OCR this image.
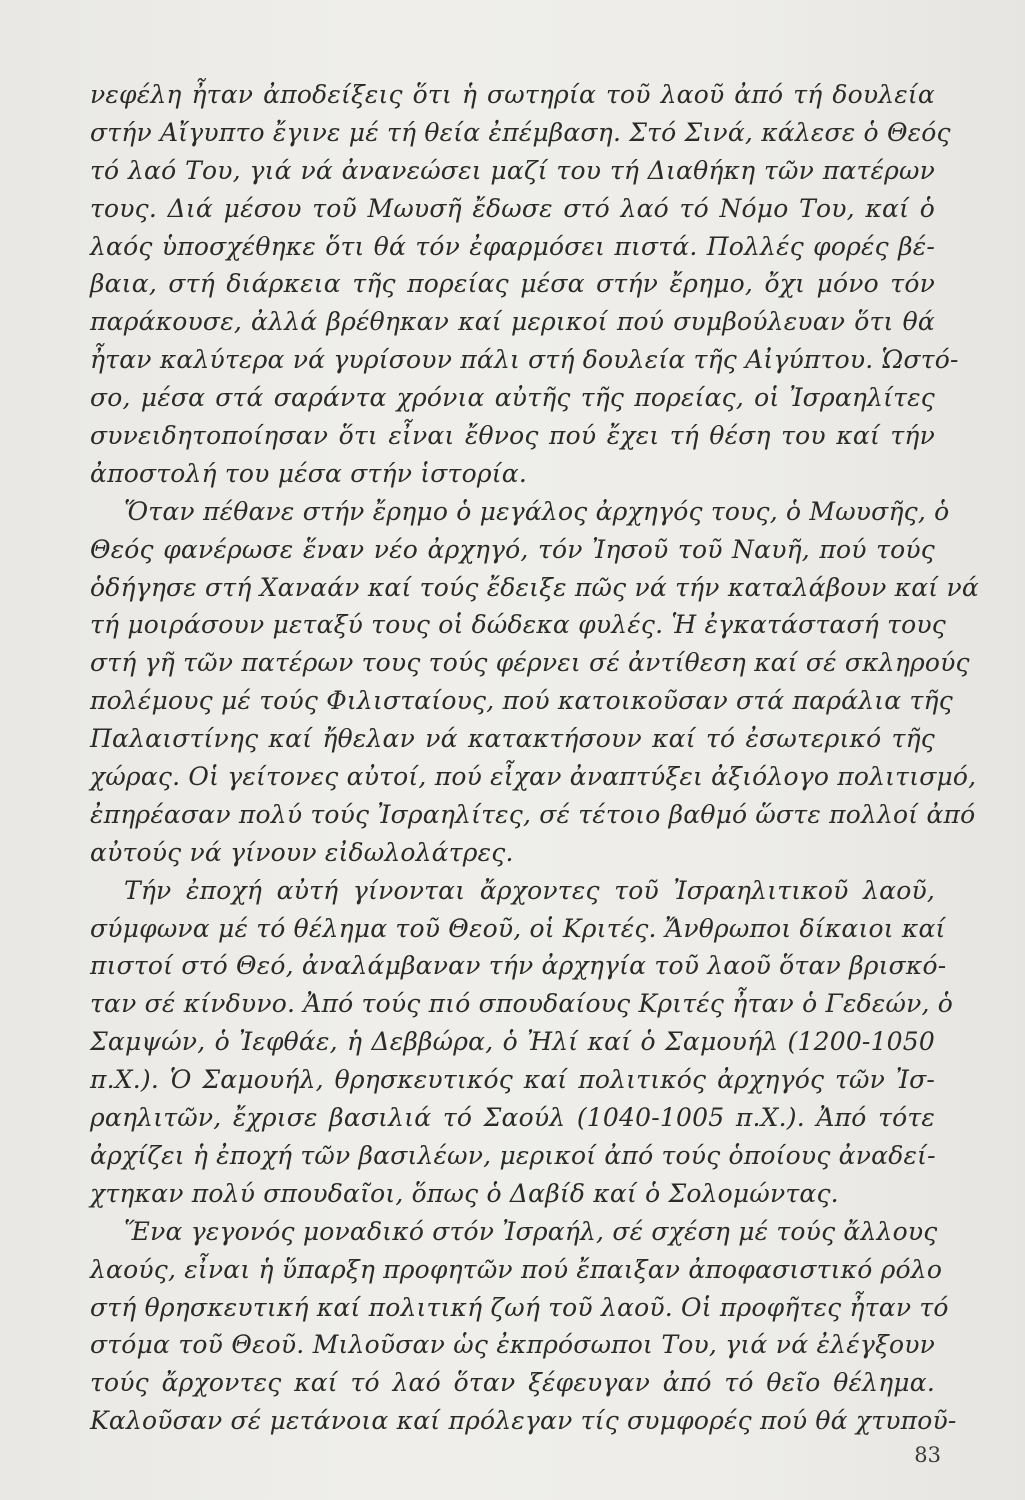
νεφέλη ἦταν ἀποδείξεις ὅτι ἡ σωτηρία τοῦ λαοῦ ἀπό τή δουλεία
στήν Αἴγυπτο ἔγινε μέ τή θεία ἐπέμβαση. Στό Σινά, κάλεσε ὁ Θεός
τό λαό Του, γιά νά ἀνανεώσει μαζί του τή Διαθήκη τῶν πατέρων
τους. Διά μέσου τοῦ Μωυσῆ ἔδωσε στό λαό τό Νόμο Του, καί ὁ
λαός ὑποσχέθηκε ὅτι θά τόν ἐφαρμόσει πιστά. Πολλές φορές βέ-
βαια, στή διάρκεια τῆς πορείας μέσα στήν ἔρημο, ὄχι μόνο τόν
παράκουσε, ἀλλά βρέθηκαν καί μερικοί πού συμβούλευαν ὅτι θά
ἦταν καλύτερα νά γυρίσουν πάλι στή δουλεία τῆς Αἰγύπτου. Ὡστό-
σο, μέσα στά σαράντα χρόνια αὐτῆς τῆς πορείας, οἱ Ἰσραηλίτες
συνειδητοποίησαν ὅτι εἶναι ἔθνος πού ἔχει τή θέση του καί τήν
ἀποστολή του μέσα στήν ἱστορία.
Ὅταν πέθανε στήν ἔρημο ὁ μεγάλος ἀρχηγός τους, ὁ Μωυσῆς, ὁ
Θεός φανέρωσε ἕναν νέο ἀρχηγό, τόν Ἰησοῦ τοῦ Ναυῆ, πού τούς
ὁδήγησε στή Χαναάν καί τούς ἔδειξε πῶς νά τήν καταλάβουν καί νά
τή μοιράσουν μεταξύ τους οἱ δώδεκα φυλές. Ἡ ἐγκατάστασή τους
στή γῆ τῶν πατέρων τους τούς φέρνει σέ ἀντίθεση καί σέ σκληρούς
πολέμους μέ τούς Φιλισταίους, πού κατοικοῦσαν στά παράλια τῆς
Παλαιστίνης καί ἤθελαν νά κατακτήσουν καί τό ἐσωτερικό τῆς
χώρας. Οἱ γείτονες αὐτοί, πού εἶχαν ἀναπτύξει ἀξιόλογο πολιτισμό,
ἐπηρέασαν πολύ τούς Ἰσραηλίτες, σέ τέτοιο βαθμό ὥστε πολλοί ἀπό
αὐτούς νά γίνουν εἰδωλολάτρες.
Τήν ἐποχή αὐτή γίνονται ἄρχοντες τοῦ Ἰσραηλιτικοῦ λαοῦ,
σύμφωνα μέ τό θέλημα τοῦ Θεοῦ, οἱ Κριτές. Ἄνθρωποι δίκαιοι καί
πιστοί στό Θεό, ἀναλάμβαναν τήν ἀρχηγία τοῦ λαοῦ ὅταν βρισκό-
ταν σέ κίνδυνο. Ἀπό τούς πιό σπουδαίους Κριτές ἦταν ὁ Γεδεών, ὁ
Σαμψών, ὁ Ἰεφθάε, ἡ Δεββώρα, ὁ Ἠλί καί ὁ Σαμουήλ (1200-1050
π.Χ.). Ὁ Σαμουήλ, θρησκευτικός καί πολιτικός ἀρχηγός τῶν Ἰσ-
ραηλιτῶν, ἔχρισε βασιλιά τό Σαούλ (1040-1005 π.Χ.). Ἀπό τότε
ἀρχίζει ἡ ἐποχή τῶν βασιλέων, μερικοί ἀπό τούς ὁποίους ἀναδεί-
χτηκαν πολύ σπουδαῖοι, ὅπως ὁ Δαβίδ καί ὁ Σολομώντας.
Ἕνα γεγονός μοναδικό στόν Ἰσραήλ, σέ σχέση μέ τούς ἄλλους
λαούς, εἶναι ἡ ὕπαρξη προφητῶν πού ἔπαιξαν ἀποφασιστικό ρόλο
στή θρησκευτική καί πολιτική ζωή τοῦ λαοῦ. Οἱ προφῆτες ἦταν τό
στόμα τοῦ Θεοῦ. Μιλοῦσαν ὡς ἐκπρόσωποι Του, γιά νά ἐλέγξουν
τούς ἄρχοντες καί τό λαό ὅταν ξέφευγαν ἀπό τό θεῖο θέλημα.
Καλοῦσαν σέ μετάνοια καί πρόλεγαν τίς συμφορές πού θά χτυποῦ-
83
